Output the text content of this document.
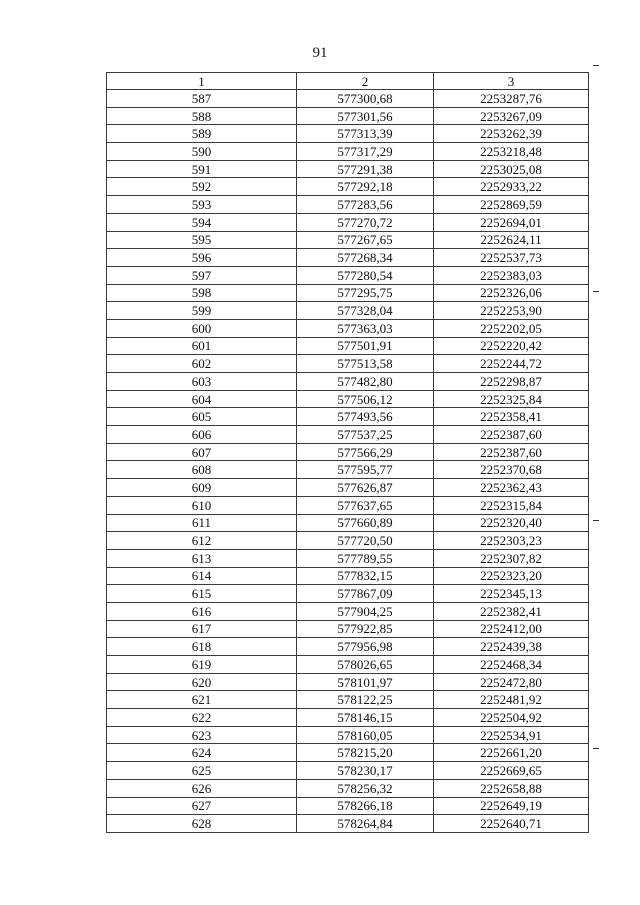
91
1	2	3
587	577300,68	2253287,76
588	577301,56	2253267,09
589	577313,39	2253262,39
590	577317,29	2253218,48
591	577291,38	2253025,08
592	577292,18	2252933,22
593	577283,56	2252869,59
594	577270,72	2252694,01
595	577267,65	2252624,11
596	577268,34	2252537,73
597	577280,54	2252383,03
598	577295,75	2252326,06
599	577328,04	2252253,90
600	577363,03	2252202,05
601	577501,91	2252220,42
602	577513,58	2252244,72
603	577482,80	2252298,87
604	577506,12	2252325,84
605	577493,56	2252358,41
606	577537,25	2252387,60
607	577566,29	2252387,60
608	577595,77	2252370,68
609	577626,87	2252362,43
610	577637,65	2252315,84
611	577660,89	2252320,40
612	577720,50	2252303,23
613	577789,55	2252307,82
614	577832,15	2252323,20
615	577867,09	2252345,13
616	577904,25	2252382,41
617	577922,85	2252412,00
618	577956,98	2252439,38
619	578026,65	2252468,34
620	578101,97	2252472,80
621	578122,25	2252481,92
622	578146,15	2252504,92
623	578160,05	2252534,91
624	578215,20	2252661,20
625	578230,17	2252669,65
626	578256,32	2252658,88
627	578266,18	2252649,19
628	578264,84	2252640,71
